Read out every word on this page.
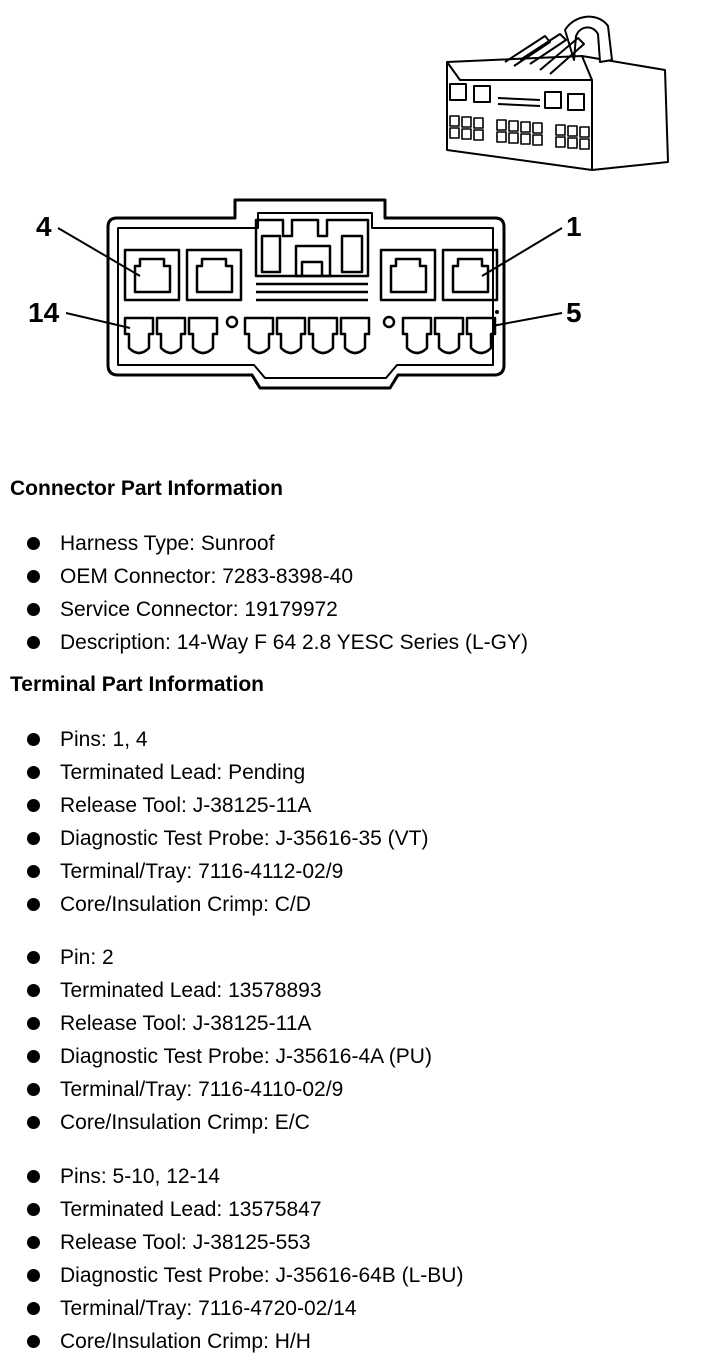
4	1
14	5
Connector Part Information
Harness Type: Sunroof
OEM Connector: 7283-8398-40
Service Connector: 19179972
Description: 14-Way F 64 2.8 YESC Series (L-GY)
Terminal Part Information
Pins: 1, 4
Terminated Lead: Pending
Release Tool: J-38125-11A
Diagnostic Test Probe: J-35616-35 (VT)
Terminal/Tray: 7116-4112-02/9
Core/Insulation Crimp: C/D
Pin: 2
Terminated Lead: 13578893
Release Tool: J-38125-11A
Diagnostic Test Probe: J-35616-4A (PU)
Terminal/Tray: 7116-4110-02/9
Core/Insulation Crimp: E/C
Pins: 5-10, 12-14
Terminated Lead: 13575847
Release Tool: J-38125-553
Diagnostic Test Probe: J-35616-64B (L-BU)
Terminal/Tray: 7116-4720-02/14
Core/Insulation Crimp: H/H
